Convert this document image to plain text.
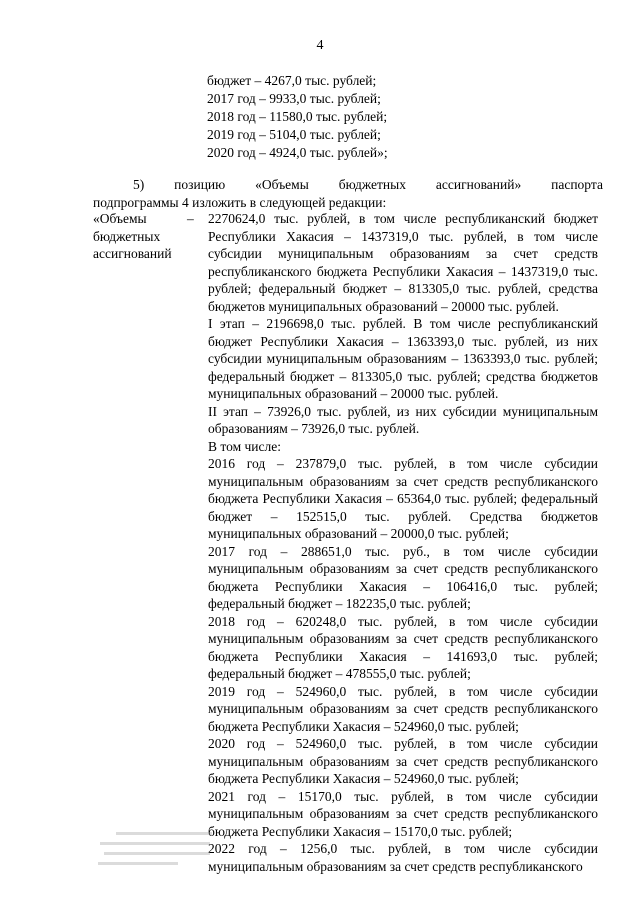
4
бюджет – 4267,0 тыс. рублей;
2017 год – 9933,0 тыс. рублей;
2018 год – 11580,0 тыс. рублей;
2019 год – 5104,0 тыс. рублей;
2020 год – 4924,0 тыс. рублей»;
5) позицию «Объемы бюджетных ассигнований» паспорта
подпрограммы 4 изложить в следующей редакции:
«Объемы бюджетных ассигнований
– 2270624,0 тыс. рублей, в том числе республиканский бюджет Республики Хакасия – 1437319,0 тыс. рублей, в том числе субсидии муниципальным образованиям за счет средств республиканского бюджета Республики Хакасия – 1437319,0 тыс. рублей; федеральный бюджет – 813305,0 тыс. рублей, средства бюджетов муниципальных образований – 20000 тыс. рублей.
I этап – 2196698,0 тыс. рублей. В том числе республиканский бюджет Республики Хакасия – 1363393,0 тыс. рублей, из них субсидии муниципальным образованиям – 1363393,0 тыс. рублей; федеральный бюджет – 813305,0 тыс. рублей; средства бюджетов муниципальных образований – 20000 тыс. рублей.
II этап – 73926,0 тыс. рублей, из них субсидии муниципальным образованиям – 73926,0 тыс. рублей.
В том числе:
2016 год – 237879,0 тыс. рублей, в том числе субсидии муниципальным образованиям за счет средств республиканского бюджета Республики Хакасия – 65364,0 тыс. рублей; федеральный бюджет – 152515,0 тыс. рублей. Средства бюджетов муниципальных образований – 20000,0 тыс. рублей;
2017 год – 288651,0 тыс. руб., в том числе субсидии муниципальным образованиям за счет средств республиканского бюджета Республики Хакасия – 106416,0 тыс. рублей; федеральный бюджет – 182235,0 тыс. рублей;
2018 год – 620248,0 тыс. рублей, в том числе субсидии муниципальным образованиям за счет средств республиканского бюджета Республики Хакасия – 141693,0 тыс. рублей; федеральный бюджет – 478555,0 тыс. рублей;
2019 год – 524960,0 тыс. рублей, в том числе субсидии муниципальным образованиям за счет средств республиканского бюджета Республики Хакасия – 524960,0 тыс. рублей;
2020 год – 524960,0 тыс. рублей, в том числе субсидии муниципальным образованиям за счет средств республиканского бюджета Республики Хакасия – 524960,0 тыс. рублей;
2021 год – 15170,0 тыс. рублей, в том числе субсидии муниципальным образованиям за счет средств республиканского бюджета Республики Хакасия – 15170,0 тыс. рублей;
2022 год – 1256,0 тыс. рублей, в том числе субсидии муниципальным образованиям за счет средств республиканского
